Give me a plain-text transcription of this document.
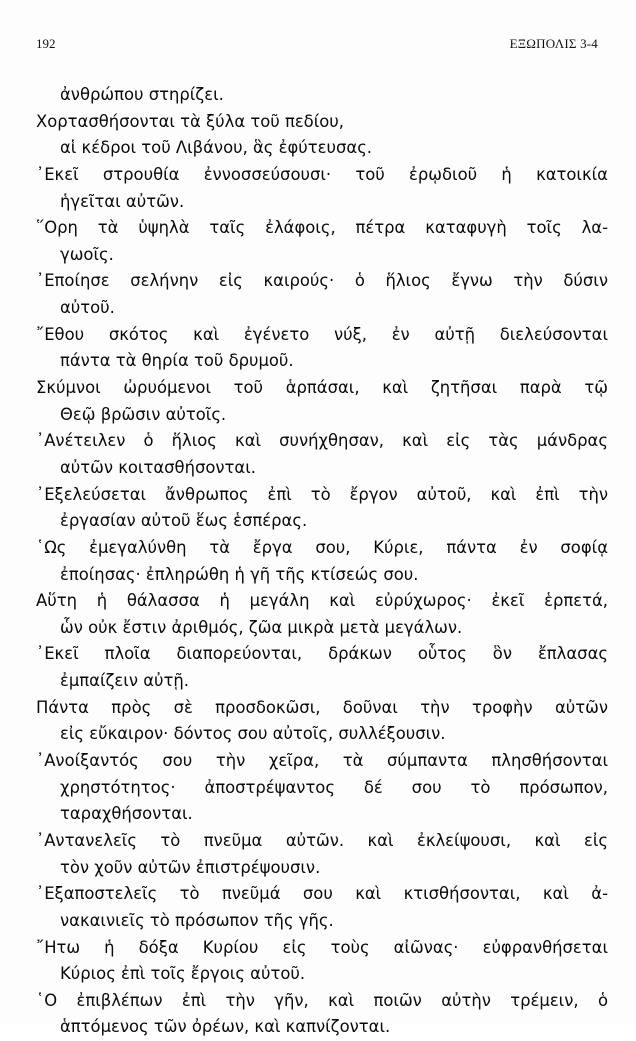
192	ΕΞΩΠΟΛΙΣ 3-4
ἀνθρώπου στηρίζει.
Χορτασθήσονται τὰ ξύλα τοῦ πεδίου,
αἱ κέδροι τοῦ Λιβάνου, ἃς ἐφύτευσας.
᾿Εκεῖ στρουθία ἐννοσσεύσουσι· τοῦ ἐρῳδιοῦ ἡ κατοικία
ἡγεῖται αὐτῶν.
῞Ορη τὰ ὑψηλὰ ταῖς ἐλάφοις, πέτρα καταφυγὴ τοῖς λα-
γωοῖς.
᾿Εποίησε σελήνην εἰς καιρούς· ὁ ἥλιος ἔγνω τὴν δύσιν
αὐτοῦ.
῎Εθου σκότος καὶ ἐγένετο νύξ, ἐν αὐτῇ διελεύσονται
πάντα τὰ θηρία τοῦ δρυμοῦ.
Σκύμνοι ὠρυόμενοι τοῦ ἁρπάσαι, καὶ ζητῆσαι παρὰ τῷ
Θεῷ βρῶσιν αὐτοῖς.
᾿Ανέτειλεν ὁ ἥλιος καὶ συνήχθησαν, καὶ εἰς τὰς μάνδρας
αὐτῶν κοιτασθήσονται.
᾿Εξελεύσεται ἄνθρωπος ἐπὶ τὸ ἔργον αὐτοῦ, καὶ ἐπὶ τὴν
ἐργασίαν αὐτοῦ ἕως ἑσπέρας.
῾Ως ἐμεγαλύνθη τὰ ἔργα σου, Κύριε, πάντα ἐν σοφίᾳ
ἐποίησας· ἐπληρώθη ἡ γῆ τῆς κτίσεώς σου.
Αὕτη ἡ θάλασσα ἡ μεγάλη καὶ εὐρύχωρος· ἐκεῖ ἑρπετά,
ὧν οὐκ ἔστιν ἀριθμός, ζῶα μικρὰ μετὰ μεγάλων.
᾿Εκεῖ πλοῖα διαπορεύονται, δράκων οὗτος ὃν ἔπλασας
ἐμπαίζειν αὐτῇ.
Πάντα πρὸς σὲ προσδοκῶσι, δοῦναι τὴν τροφὴν αὐτῶν
εἰς εὔκαιρον· δόντος σου αὐτοῖς, συλλέξουσιν.
᾿Ανοίξαντός σου τὴν χεῖρα, τὰ σύμπαντα πλησθήσονται
χρηστότητος· ἀποστρέψαντος δέ σου τὸ πρόσωπον,
ταραχθήσονται.
᾿Αντανελεῖς τὸ πνεῦμα αὐτῶν. καὶ ἐκλείψουσι, καὶ εἰς
τὸν χοῦν αὐτῶν ἐπιστρέψουσιν.
᾿Εξαποστελεῖς τὸ πνεῦμά σου καὶ κτισθήσονται, καὶ ἀ-
νακαινιεῖς τὸ πρόσωπον τῆς γῆς.
῎Ητω ἡ δόξα Κυρίου εἰς τοὺς αἰῶνας· εὐφρανθήσεται
Κύριος ἐπὶ τοῖς ἔργοις αὐτοῦ.
῾Ο ἐπιβλέπων ἐπὶ τὴν γῆν, καὶ ποιῶν αὐτὴν τρέμειν, ὁ
ἁπτόμενος τῶν ὀρέων, καὶ καπνίζονται.
